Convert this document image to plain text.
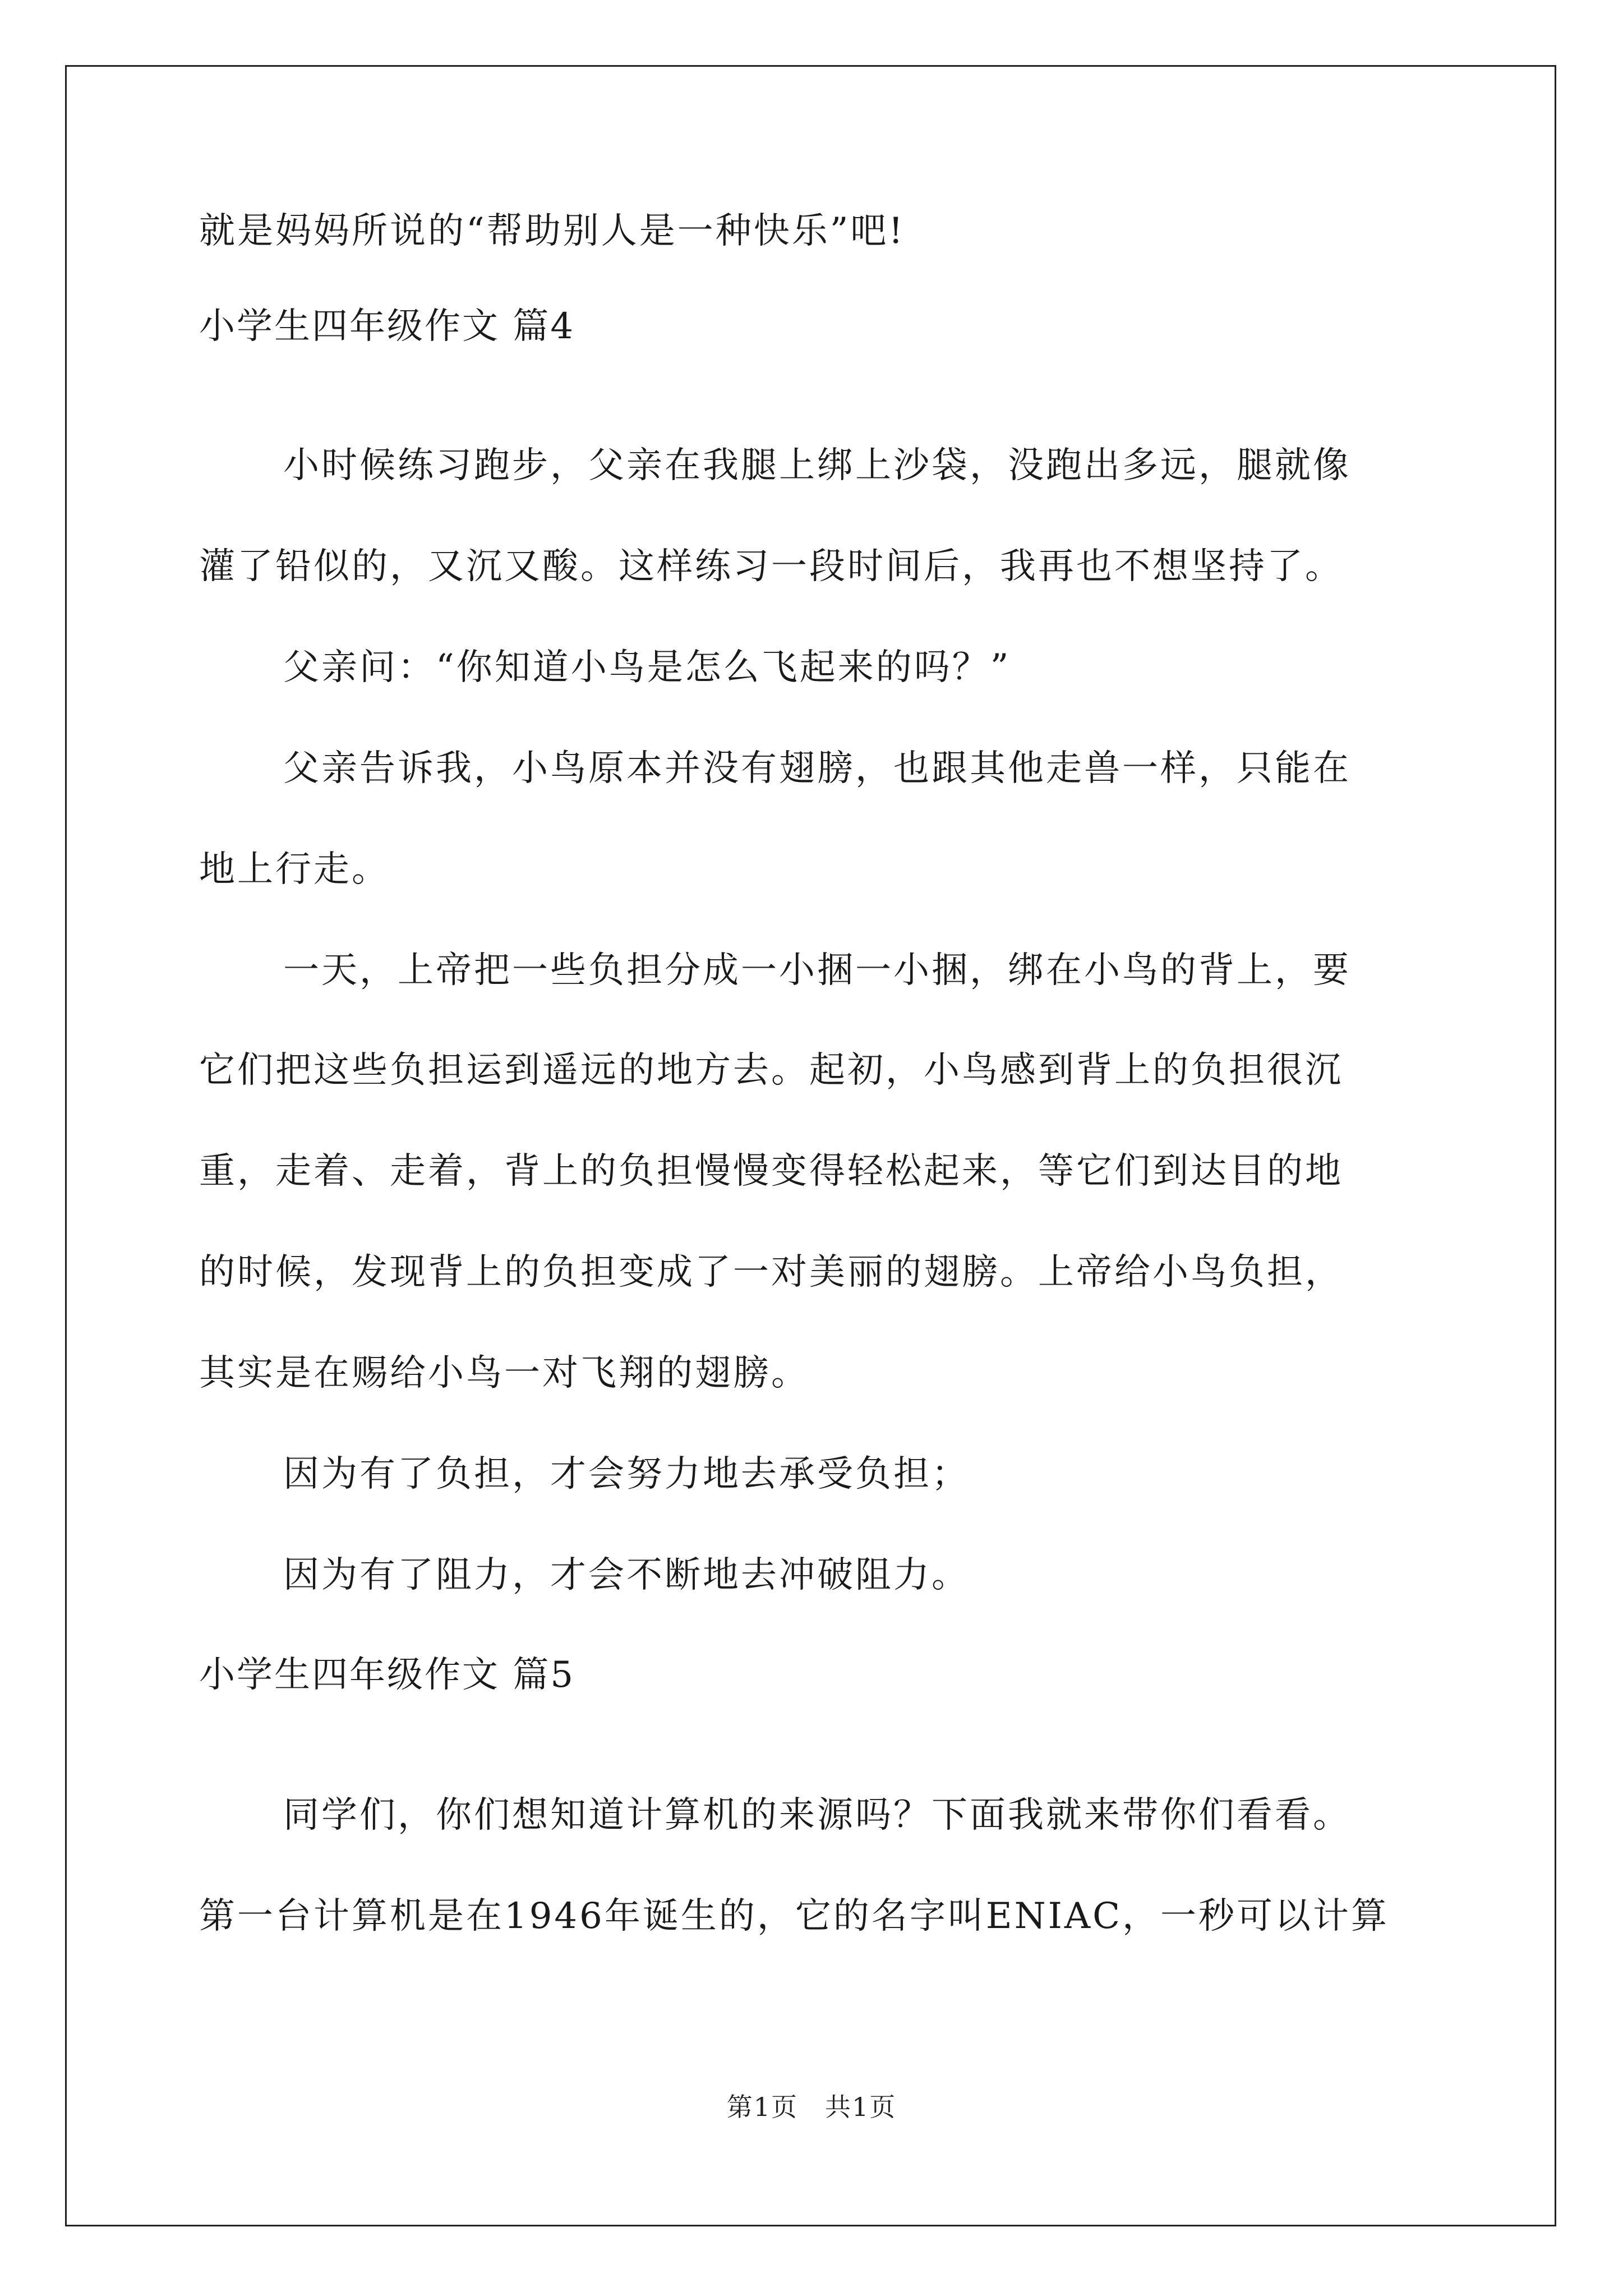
就是妈妈所说的“帮助别人是一种快乐”吧!
小学生四年级作文 篇4
小时候练习跑步，父亲在我腿上绑上沙袋，没跑出多远，腿就像
灌了铅似的，又沉又酸。这样练习一段时间后，我再也不想坚持了。
父亲问：“你知道小鸟是怎么飞起来的吗？”
父亲告诉我，小鸟原本并没有翅膀，也跟其他走兽一样，只能在
地上行走。
一天，上帝把一些负担分成一小捆一小捆，绑在小鸟的背上，要
它们把这些负担运到遥远的地方去。起初，小鸟感到背上的负担很沉
重，走着、走着，背上的负担慢慢变得轻松起来，等它们到达目的地
的时候，发现背上的负担变成了一对美丽的翅膀。上帝给小鸟负担，
其实是在赐给小鸟一对飞翔的翅膀。
因为有了负担，才会努力地去承受负担；
因为有了阻力，才会不断地去冲破阻力。
小学生四年级作文 篇5
同学们，你们想知道计算机的来源吗？下面我就来带你们看看。
第一台计算机是在1946年诞生的，它的名字叫ENIAC，一秒可以计算
第1页　共1页
